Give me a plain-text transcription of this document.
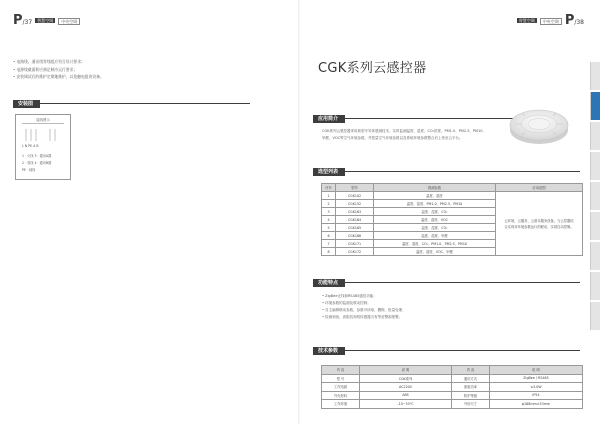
P/37	智慧空调	中央空调
• 电路线、通讯线等线组应符合设计要求；
• 电源线截面积应满足制冷运行要求；
• 安装调试后的维护定期地维护，以免触电组的设备。
安装图
接线图示
L N PE A B
1 · 火线 3 · 通讯A端
2 · 零线 4 · 通讯B端
PE · 地线
智慧空调	中央空调 P/38
CGK系列云感控器
应用简介
CGK系列云感控器采用新型半导体感测技术，实时监测温度、湿度、CO₂浓度、PM1.0、PM2.5、PM10、甲醛、VOC等空气环境参数，并把量空气环境参数以及系统环境参数整合后上传至云平台。
选型列表
序号	型号	感测参数	应用范围
1	CGK102	温度、湿度	云环境、云服务、云基本服务设备，与云控器结合实现对环境参数运行的联动，实现自动控制。
2	CGK152	温度、湿度、PM1.0、PM2.5、PM10	
3	CGK163	温度、湿度、CO₂	
4	CGK164	温度、湿度、VOC	
5	CGK165	温度、湿度、CO₂	
6	CGK166	温度、湿度、甲醛	
7	CGK171	温度、湿度、CO₂、PM1.0、PM2.5、PM10	
8	CGK172	温度、湿度、VOC、甲醛	
功能特点
• ZigBee无线和RS485通信功能；
• 环境参数的监测及联动控制；
• 自主编辑联动参数，参数可读取、删除、批量处理；
• 检测到低、高阻抗和短传感器当有等虚警源报警。
技术参数
内 容	说 明	内 容	说 明
型 号	CGK系列	通信方式	ZigBee / RS485
工作电源	AC220V	面板功率	≤3.0W
外壳材料	ABS	防护等级	IP54
工作环境	-10~55℃	外形尺寸	φ168mm×53mm
